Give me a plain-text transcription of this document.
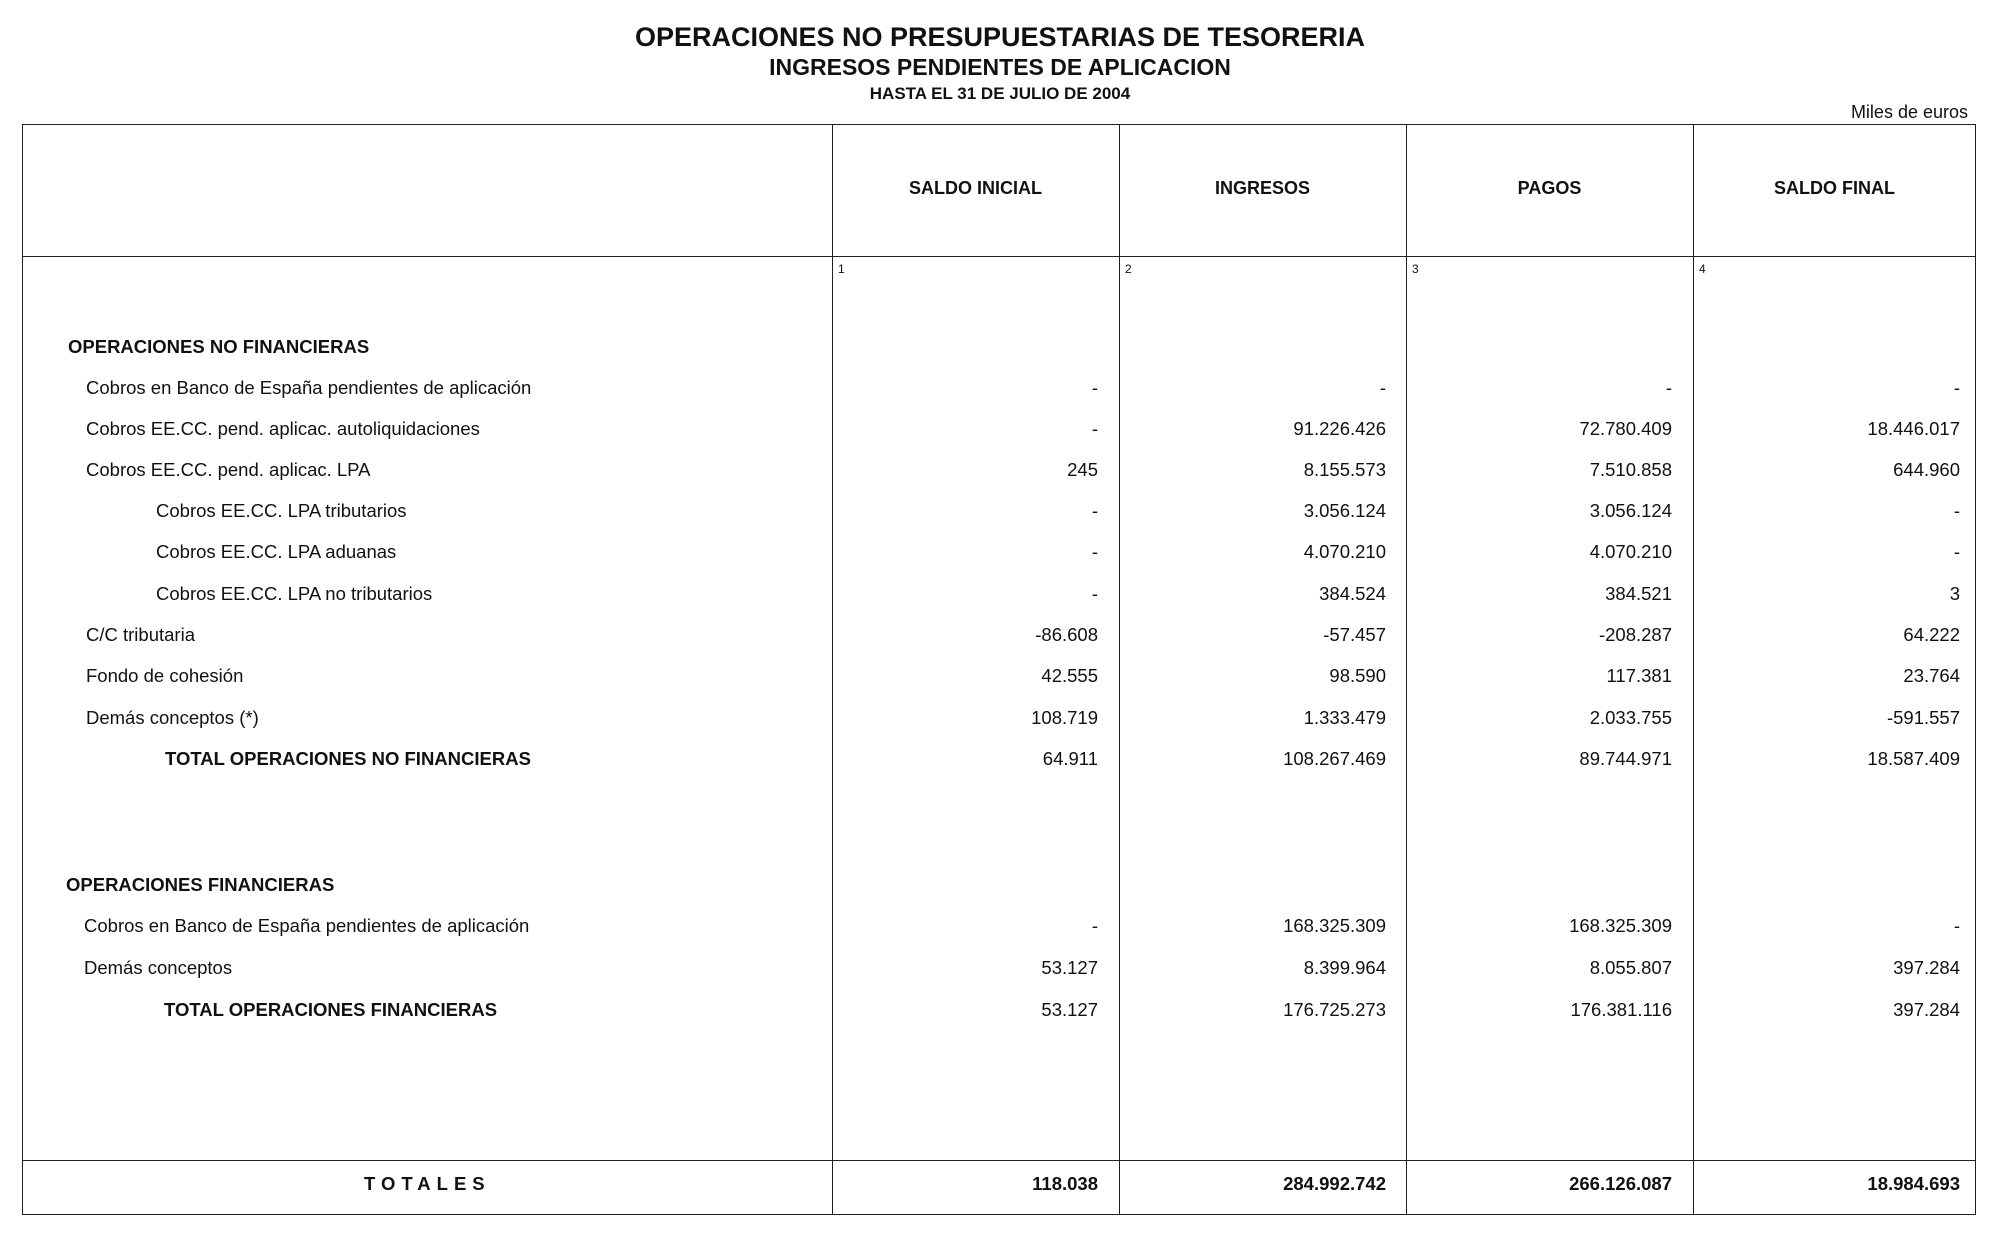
OPERACIONES NO PRESUPUESTARIAS DE TESORERIA
INGRESOS PENDIENTES DE APLICACION
HASTA EL 31 DE JULIO DE 2004
Miles de euros
SALDO INICIAL	INGRESOS	PAGOS	SALDO FINAL
1	2	3	4
OPERACIONES NO FINANCIERAS
Cobros en Banco de España pendientes de aplicación	-	-	-	-
Cobros EE.CC. pend. aplicac. autoliquidaciones	-	91.226.426	72.780.409	18.446.017
Cobros EE.CC. pend. aplicac. LPA	245	8.155.573	7.510.858	644.960
Cobros EE.CC. LPA tributarios	-	3.056.124	3.056.124	-
Cobros EE.CC. LPA aduanas	-	4.070.210	4.070.210	-
Cobros EE.CC. LPA no tributarios	-	384.524	384.521	3
C/C tributaria	-86.608	-57.457	-208.287	64.222
Fondo de cohesión	42.555	98.590	117.381	23.764
Demás conceptos (*)	108.719	1.333.479	2.033.755	-591.557
TOTAL OPERACIONES NO FINANCIERAS	64.911	108.267.469	89.744.971	18.587.409
OPERACIONES FINANCIERAS
Cobros en Banco de España pendientes de aplicación	-	168.325.309	168.325.309	-
Demás conceptos	53.127	8.399.964	8.055.807	397.284
TOTAL OPERACIONES FINANCIERAS	53.127	176.725.273	176.381.116	397.284
TOTALES	118.038	284.992.742	266.126.087	18.984.693
